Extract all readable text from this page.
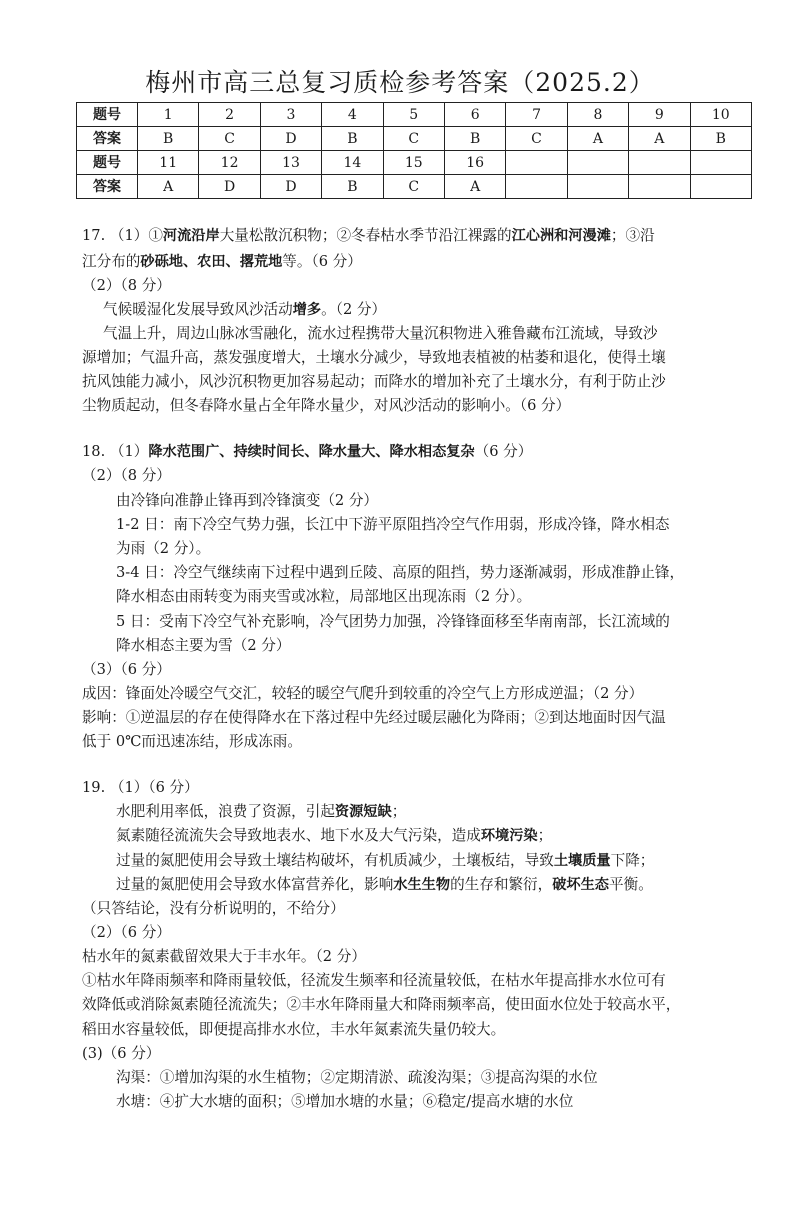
梅州市高三总复习质检参考答案（2025.2）
题号	1	2	3	4	5	6	7	8	9	10
答案	B	C	D	B	C	B	C	A	A	B
题号	11	12	13	14	15	16				
答案	A	D	D	B	C	A				
17. （1）①河流沿岸大量松散沉积物；②冬春枯水季节沿江裸露的江心洲和河漫滩；③沿
江分布的砂砾地、农田、撂荒地等。（6 分）
（2）（8 分）
气候暖湿化发展导致风沙活动增多。（2 分）
气温上升，周边山脉冰雪融化，流水过程携带大量沉积物进入雅鲁藏布江流域，导致沙
源增加；气温升高，蒸发强度增大，土壤水分减少，导致地表植被的枯萎和退化，使得土壤
抗风蚀能力减小，风沙沉积物更加容易起动；而降水的增加补充了土壤水分，有利于防止沙
尘物质起动，但冬春降水量占全年降水量少，对风沙活动的影响小。（6 分）
18. （1）降水范围广、持续时间长、降水量大、降水相态复杂（6 分）
（2）（8 分）
由冷锋向准静止锋再到冷锋演变（2 分）
1-2 日：南下冷空气势力强，长江中下游平原阻挡冷空气作用弱，形成冷锋，降水相态
为雨（2 分）。
3-4 日：冷空气继续南下过程中遇到丘陵、高原的阻挡，势力逐渐减弱，形成准静止锋，
降水相态由雨转变为雨夹雪或冰粒，局部地区出现冻雨（2 分）。
5 日：受南下冷空气补充影响，冷气团势力加强，冷锋锋面移至华南南部，长江流域的
降水相态主要为雪（2 分）
（3）（6 分）
成因：锋面处冷暖空气交汇，较轻的暖空气爬升到较重的冷空气上方形成逆温；（2 分）
影响：①逆温层的存在使得降水在下落过程中先经过暖层融化为降雨；②到达地面时因气温
低于 0℃而迅速冻结，形成冻雨。
19. （1）（6 分）
水肥利用率低，浪费了资源，引起资源短缺；
氮素随径流流失会导致地表水、地下水及大气污染，造成环境污染；
过量的氮肥使用会导致土壤结构破坏，有机质减少，土壤板结，导致土壤质量下降；
过量的氮肥使用会导致水体富营养化，影响水生生物的生存和繁衍，破坏生态平衡。
（只答结论，没有分析说明的，不给分）
（2）（6 分）
枯水年的氮素截留效果大于丰水年。（2 分）
①枯水年降雨频率和降雨量较低，径流发生频率和径流量较低，在枯水年提高排水水位可有
效降低或消除氮素随径流流失；②丰水年降雨量大和降雨频率高，使田面水位处于较高水平，
稻田水容量较低，即便提高排水水位，丰水年氮素流失量仍较大。
(3)（6 分）
沟渠：①增加沟渠的水生植物；②定期清淤、疏浚沟渠；③提高沟渠的水位
水塘：④扩大水塘的面积；⑤增加水塘的水量；⑥稳定/提高水塘的水位
